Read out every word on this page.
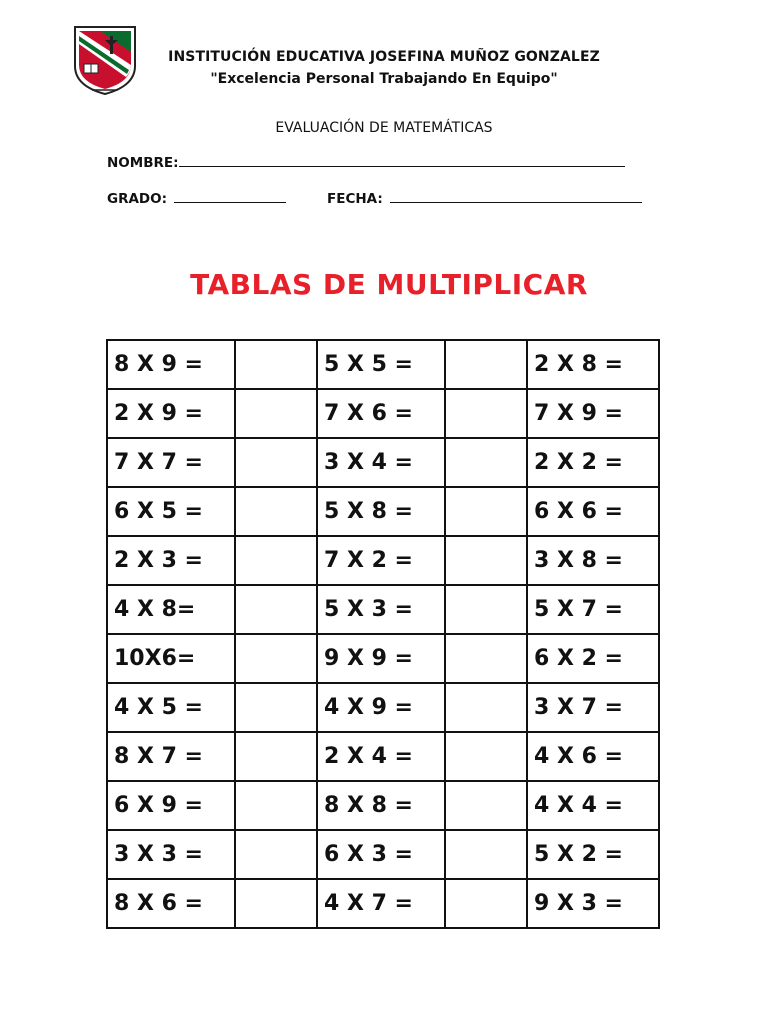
INSTITUCIÓN EDUCATIVA JOSEFINA MUÑOZ GONZALEZ
"Excelencia Personal Trabajando En Equipo"
EVALUACIÓN DE MATEMÁTICAS
NOMBRE:
GRADO:	FECHA:
TABLAS DE MULTIPLICAR
8 X 9 =		5 X 5 =		2 X 8 =
2 X 9 =		7 X 6 =		7 X 9 =
7 X 7 =		3 X 4 =		2 X 2 =
6 X 5 =		5 X 8 =		6 X 6 =
2 X 3 =		7 X 2 =		3 X 8 =
4 X 8=		5 X 3 =		5 X 7 =
10X6=		9 X 9 =		6 X 2 =
4 X 5 =		4 X 9 =		3 X 7 =
8 X 7 =		2 X 4 =		4 X 6 =
6 X 9 =		8 X 8 =		4 X 4 =
3 X 3 =		6 X 3 =		5 X 2 =
8 X 6 =		4 X 7 =		9 X 3 =
